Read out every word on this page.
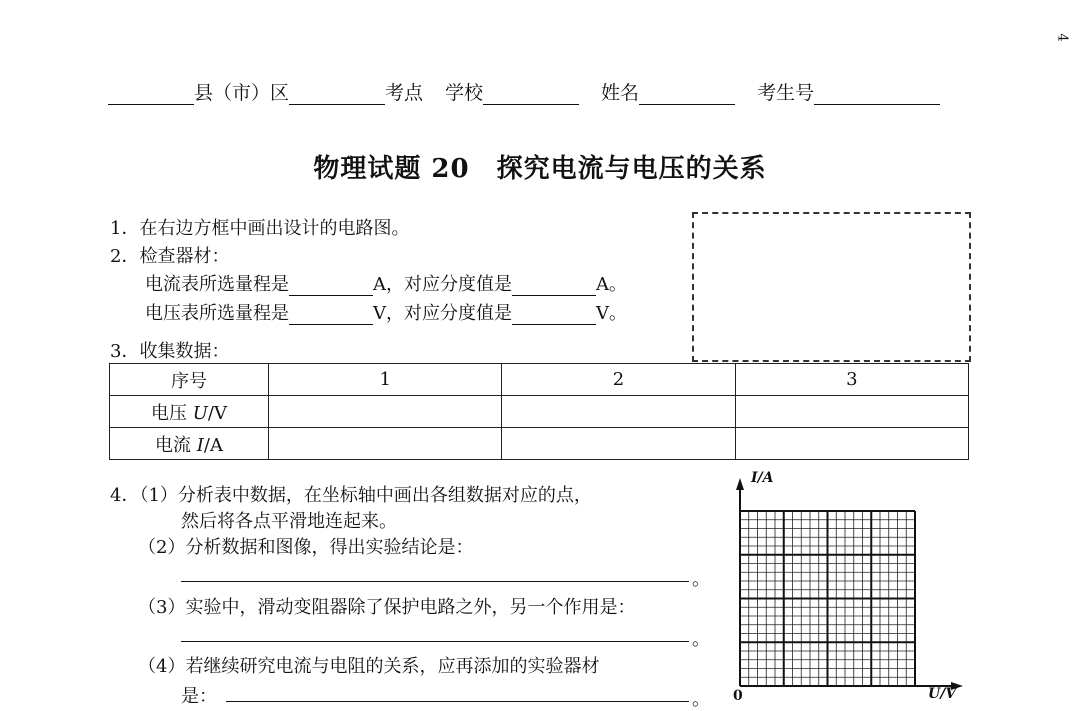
4
县（市）区	考点 学校	姓名	考生号
物理试题 20　探究电流与电压的关系
1．在右边方框中画出设计的电路图。
2．检查器材：
电流表所选量程是	A，对应分度值是	A。
电压表所选量程是	V，对应分度值是	V。
3．收集数据：
序号	1	2	3
电压 U/V			
电流 I/A			
4．（1）分析表中数据，在坐标轴中画出各组数据对应的点，
然后将各点平滑地连起来。
（2）分析数据和图像，得出实验结论是：
。
（3）实验中，滑动变阻器除了保护电路之外，另一个作用是：
。
（4）若继续研究电流与电阻的关系，应再添加的实验器材
是：	。
I/A
U/V
0
